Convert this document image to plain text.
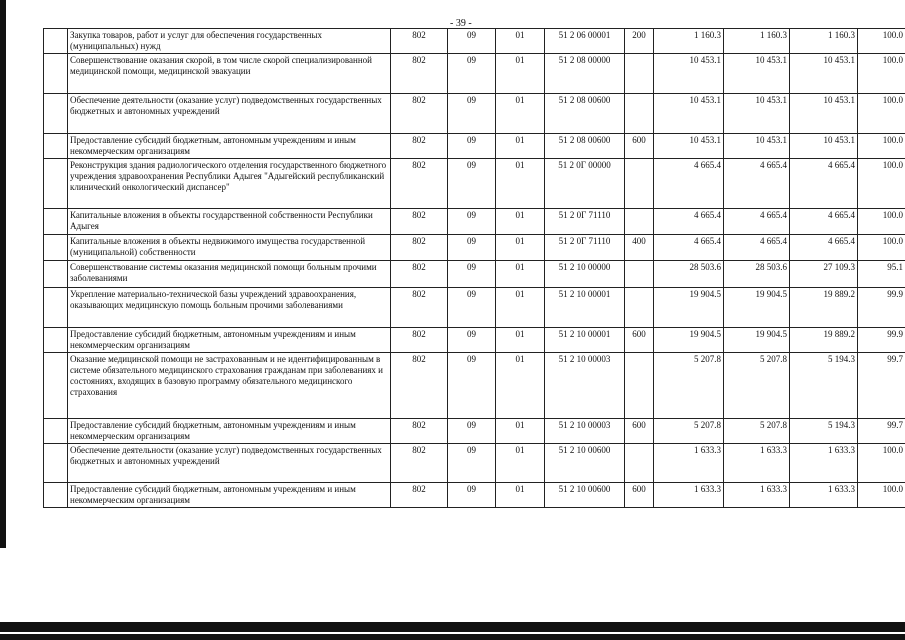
- 39 -
	Закупка товаров, работ и услуг для обеспечения государственных (муниципальных) нужд	802	09	01	51 2 06 00001	200	1 160.3	1 160.3	1 160.3	100.0
	Совершенствование оказания скорой, в том числе скорой специализированной медицинской помощи, медицинской эвакуации	802	09	01	51 2 08 00000		10 453.1	10 453.1	10 453.1	100.0
	Обеспечение деятельности (оказание услуг) подведомственных государственных бюджетных и автономных учреждений	802	09	01	51 2 08 00600		10 453.1	10 453.1	10 453.1	100.0
	Предоставление субсидий бюджетным, автономным учреждениям и иным некоммерческим организациям	802	09	01	51 2 08 00600	600	10 453.1	10 453.1	10 453.1	100.0
	Реконструкция здания радиологического отделения государственного бюджетного учреждения здравоохранения Республики Адыгея "Адыгейский республиканский клинический онкологический диспансер"	802	09	01	51 2 0Г 00000		4 665.4	4 665.4	4 665.4	100.0
	Капитальные вложения в объекты государственной собственности Республики Адыгея	802	09	01	51 2 0Г 71110		4 665.4	4 665.4	4 665.4	100.0
	Капитальные вложения в объекты недвижимого имущества государственной (муниципальной) собственности	802	09	01	51 2 0Г 71110	400	4 665.4	4 665.4	4 665.4	100.0
	Совершенствование системы оказания медицинской помощи больным прочими заболеваниями	802	09	01	51 2 10 00000		28 503.6	28 503.6	27 109.3	95.1
	Укрепление материально-технической базы учреждений здравоохранения, оказывающих медицинскую помощь больным прочими заболеваниями	802	09	01	51 2 10 00001		19 904.5	19 904.5	19 889.2	99.9
	Предоставление субсидий бюджетным, автономным учреждениям и иным некоммерческим организациям	802	09	01	51 2 10 00001	600	19 904.5	19 904.5	19 889.2	99.9
	Оказание медицинской помощи не застрахованным и не идентифицированным в системе обязательного медицинского страхования гражданам при заболеваниях и состояниях, входящих в базовую программу обязательного медицинского страхования	802	09	01	51 2 10 00003		5 207.8	5 207.8	5 194.3	99.7
	Предоставление субсидий бюджетным, автономным учреждениям и иным некоммерческим организациям	802	09	01	51 2 10 00003	600	5 207.8	5 207.8	5 194.3	99.7
	Обеспечение деятельности (оказание услуг) подведомственных государственных бюджетных и автономных учреждений	802	09	01	51 2 10 00600		1 633.3	1 633.3	1 633.3	100.0
	Предоставление субсидий бюджетным, автономным учреждениям и иным некоммерческим организациям	802	09	01	51 2 10 00600	600	1 633.3	1 633.3	1 633.3	100.0
